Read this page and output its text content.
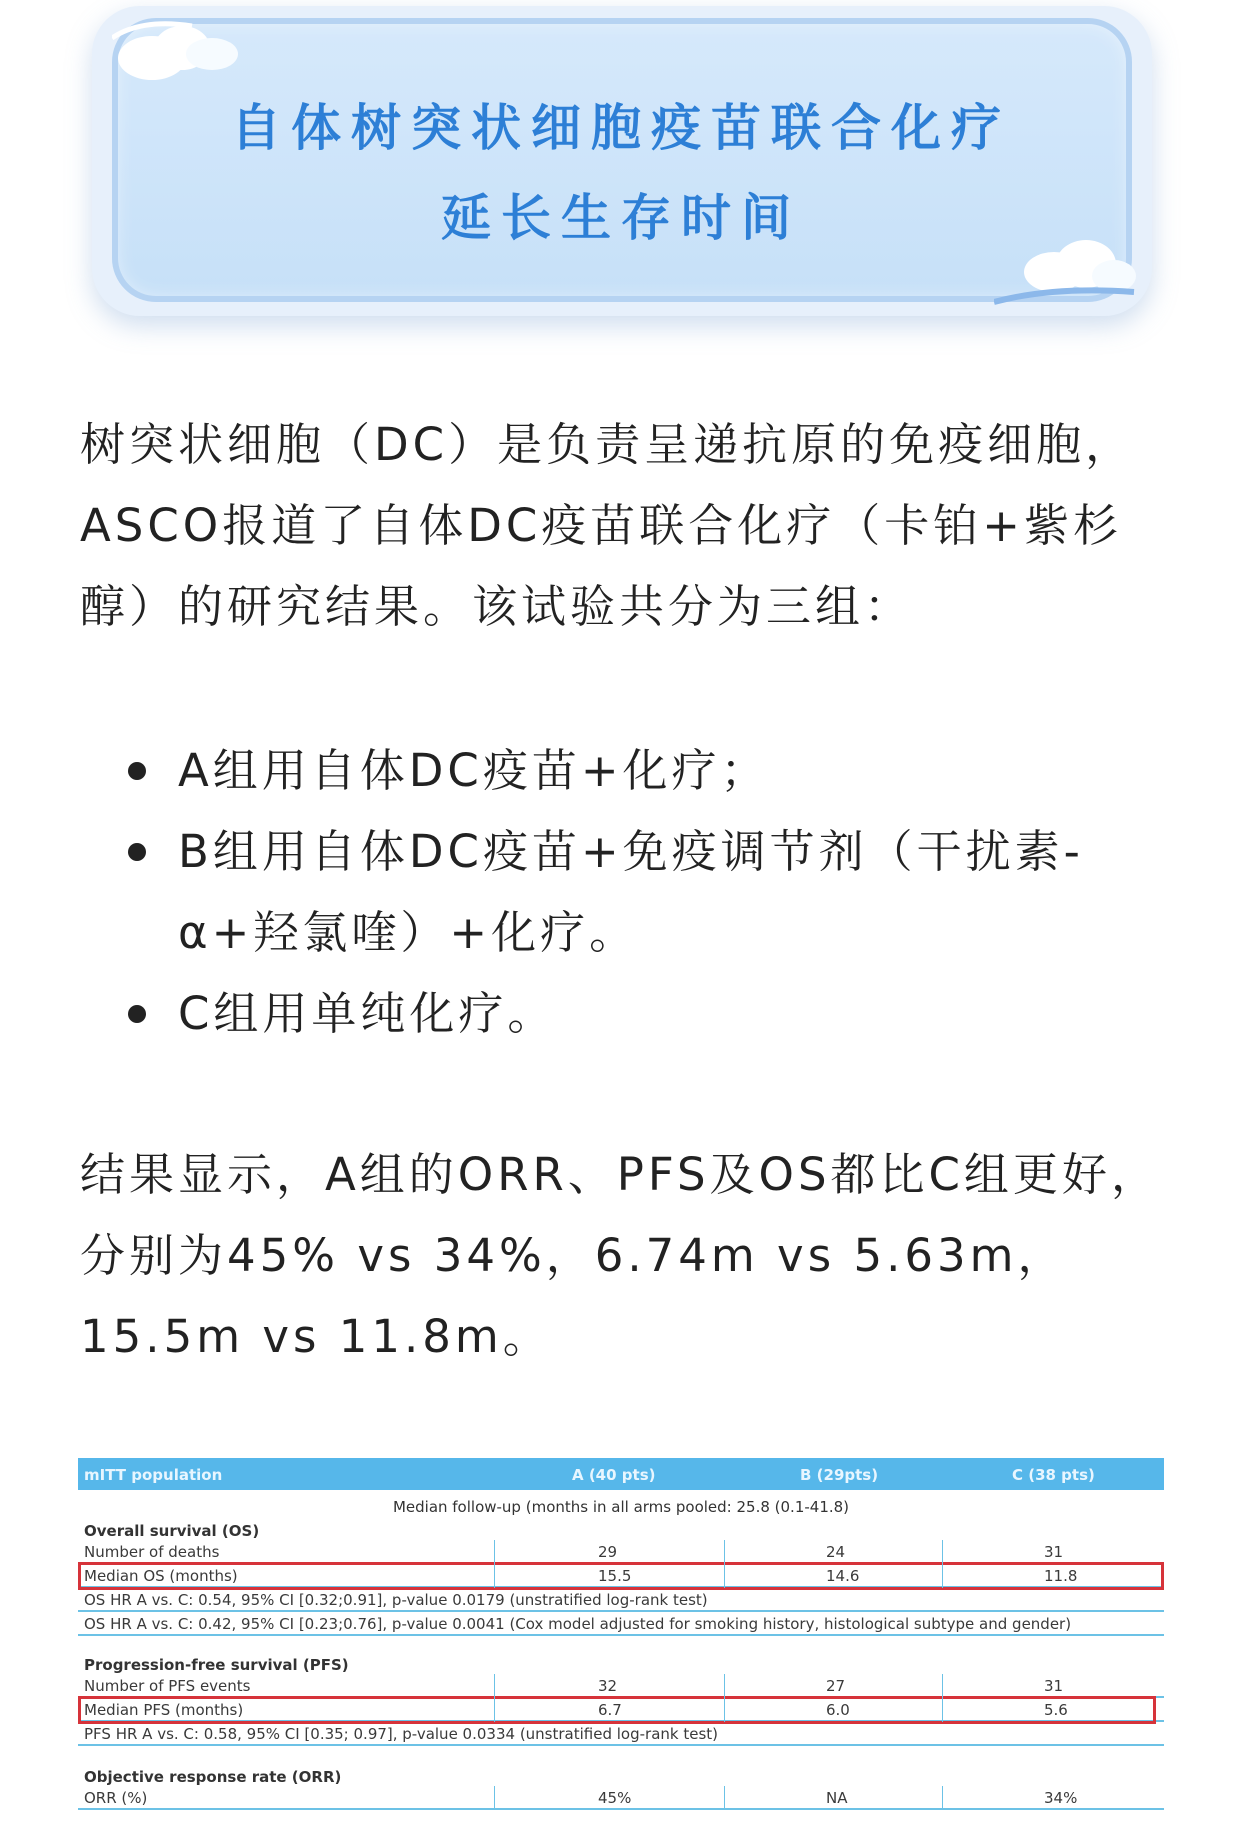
自体树突状细胞疫苗联合化疗
延长生存时间

树突状细胞（DC）是负责呈递抗原的免疫细胞，ASCO报道了自体DC疫苗联合化疗（卡铂+紫杉醇）的研究结果。该试验共分为三组：

A组用自体DC疫苗+化疗；
B组用自体DC疫苗+免疫调节剂（干扰素-α+羟氯喹）+化疗。
C组用单纯化疗。

结果显示，A组的ORR、PFS及OS都比C组更好，分别为45% vs 34%，6.74m vs 5.63m， 15.5m vs 11.8m。

mITT population	A (40 pts)	B (29pts)	C (38 pts)
Median follow-up (months in all arms pooled: 25.8 (0.1-41.8)
Overall survival (OS)
Number of deaths	29	24	31
Median OS (months)	15.5	14.6	11.8
OS HR A vs. C: 0.54, 95% CI [0.32;0.91], p-value 0.0179 (unstratified log-rank test)
OS HR A vs. C: 0.42, 95% CI [0.23;0.76], p-value 0.0041 (Cox model adjusted for smoking history, histological subtype and gender)
Progression-free survival (PFS)
Number of PFS events	32	27	31
Median PFS (months)	6.7	6.0	5.6
PFS HR A vs. C: 0.58, 95% CI [0.35; 0.97], p-value 0.0334 (unstratified log-rank test)
Objective response rate (ORR)
ORR (%)	45%	NA	34%
